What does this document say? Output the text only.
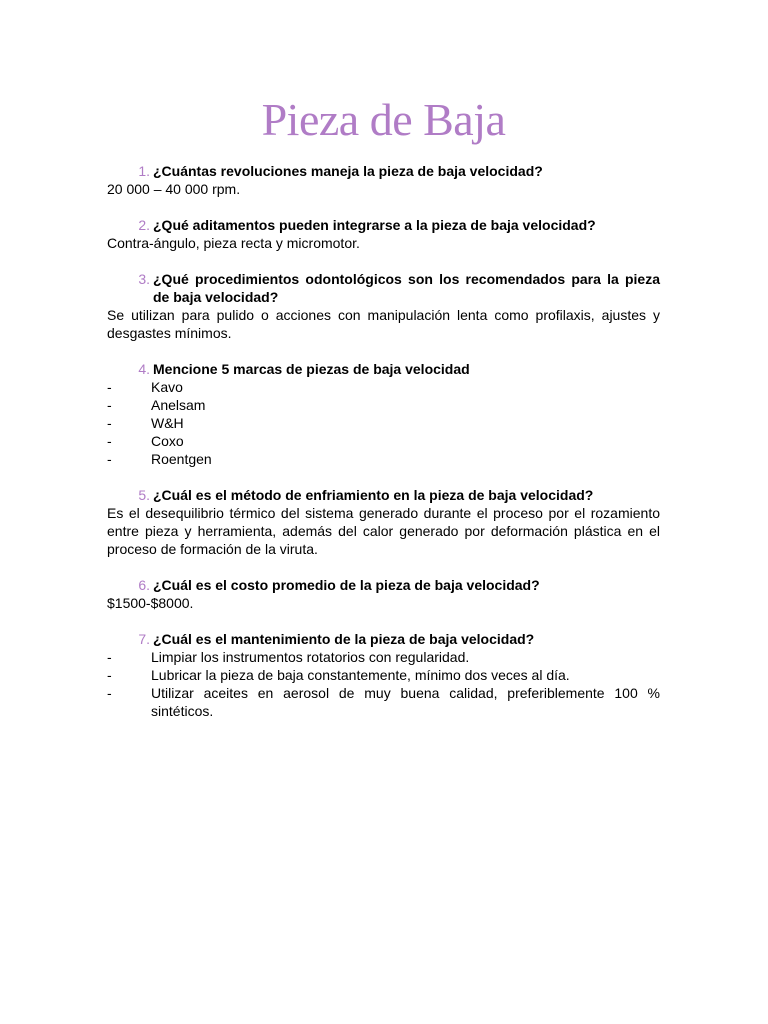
Pieza de Baja
1. ¿Cuántas revoluciones maneja la pieza de baja velocidad?

20 000 – 40 000 rpm.

2. ¿Qué aditamentos pueden integrarse a la pieza de baja velocidad?

Contra-ángulo, pieza recta y micromotor.

3. ¿Qué procedimientos odontológicos son los recomendados para la pieza de baja velocidad?

Se utilizan para pulido o acciones con manipulación lenta como profilaxis, ajustes y desgastes mínimos.

4. Mencione 5 marcas de piezas de baja velocidad
-	Kavo
-	Anelsam
-	W&H
-	Coxo
-	Roentgen
5. ¿Cuál es el método de enfriamiento en la pieza de baja velocidad?

Es el desequilibrio térmico del sistema generado durante el proceso por el rozamiento entre pieza y herramienta, además del calor generado por deformación plástica en el proceso de formación de la viruta.

6. ¿Cuál es el costo promedio de la pieza de baja velocidad?

$1500-$8000.

7. ¿Cuál es el mantenimiento de la pieza de baja velocidad?
-	Limpiar los instrumentos rotatorios con regularidad.
-	Lubricar la pieza de baja constantemente, mínimo dos veces al día.
-	Utilizar aceites en aerosol de muy buena calidad, preferiblemente 100 % sintéticos.
